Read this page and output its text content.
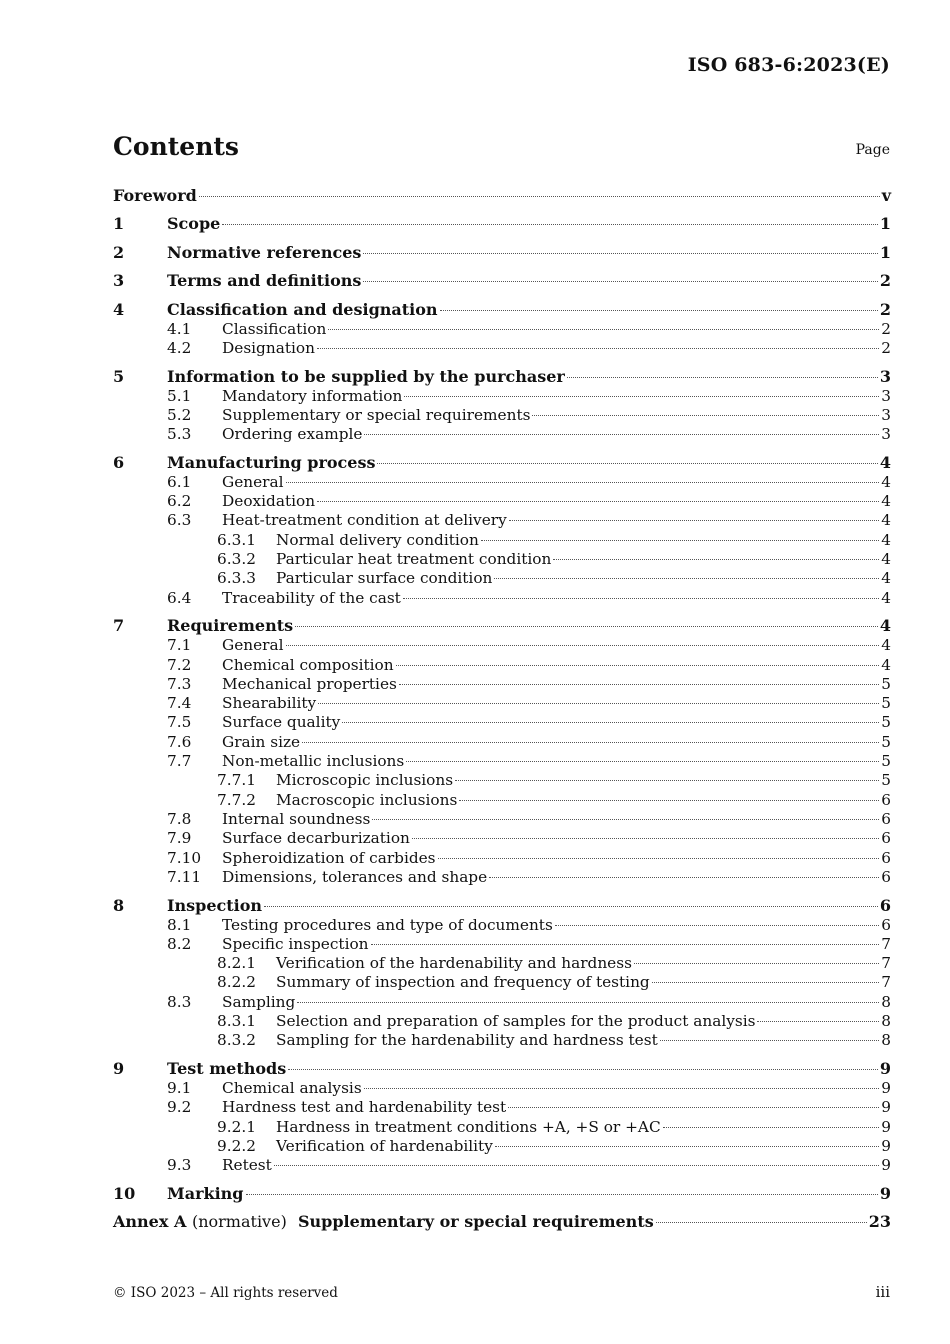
ISO 683-6:2023(E)
Contents	Page
Foreword	v
1	Scope	1
2	Normative references	1
3	Terms and definitions	2
4	Classification and designation	2
4.1	Classification	2
4.2	Designation	2
5	Information to be supplied by the purchaser	3
5.1	Mandatory information	3
5.2	Supplementary or special requirements	3
5.3	Ordering example	3
6	Manufacturing process	4
6.1	General	4
6.2	Deoxidation	4
6.3	Heat-treatment condition at delivery	4
6.3.1	Normal delivery condition	4
6.3.2	Particular heat treatment condition	4
6.3.3	Particular surface condition	4
6.4	Traceability of the cast	4
7	Requirements	4
7.1	General	4
7.2	Chemical composition	4
7.3	Mechanical properties	5
7.4	Shearability	5
7.5	Surface quality	5
7.6	Grain size	5
7.7	Non-metallic inclusions	5
7.7.1	Microscopic inclusions	5
7.7.2	Macroscopic inclusions	6
7.8	Internal soundness	6
7.9	Surface decarburization	6
7.10	Spheroidization of carbides	6
7.11	Dimensions, tolerances and shape	6
8	Inspection	6
8.1	Testing procedures and type of documents	6
8.2	Specific inspection	7
8.2.1	Verification of the hardenability and hardness	7
8.2.2	Summary of inspection and frequency of testing	7
8.3	Sampling	8
8.3.1	Selection and preparation of samples for the product analysis	8
8.3.2	Sampling for the hardenability and hardness test	8
9	Test methods	9
9.1	Chemical analysis	9
9.2	Hardness test and hardenability test	9
9.2.1	Hardness in treatment conditions +A, +S or +AC	9
9.2.2	Verification of hardenability	9
9.3	Retest	9
10	Marking	9
Annex A (normative) Supplementary or special requirements	23
© ISO 2023 – All rights reserved	iii
